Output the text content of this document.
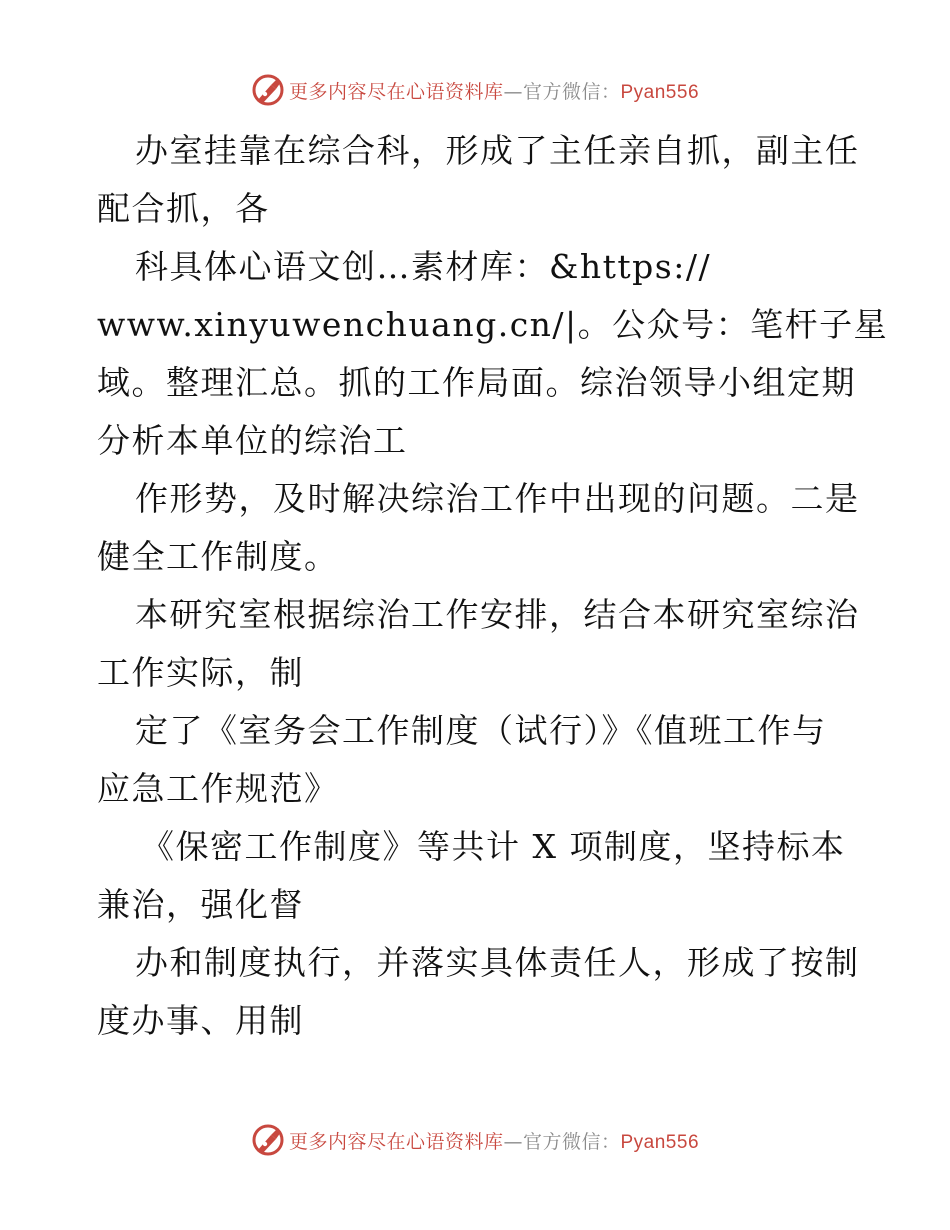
更多内容尽在心语资料库—官方微信：Pyan556
办室挂靠在综合科，形成了主任亲自抓，副主任
配合抓，各
科具体心语文创…素材库：&https://
www.xinyuwenchuang.cn/|。公众号：笔杆子星
域。整理汇总。抓的工作局面。综治领导小组定期
分析本单位的综治工
作形势，及时解决综治工作中出现的问题。二是
健全工作制度。
本研究室根据综治工作安排，结合本研究室综治
工作实际，制
定了《室务会工作制度（试行）》《值班工作与
应急工作规范》
《保密工作制度》等共计 X 项制度，坚持标本
兼治，强化督
办和制度执行，并落实具体责任人，形成了按制
度办事、用制
更多内容尽在心语资料库—官方微信：Pyan556
